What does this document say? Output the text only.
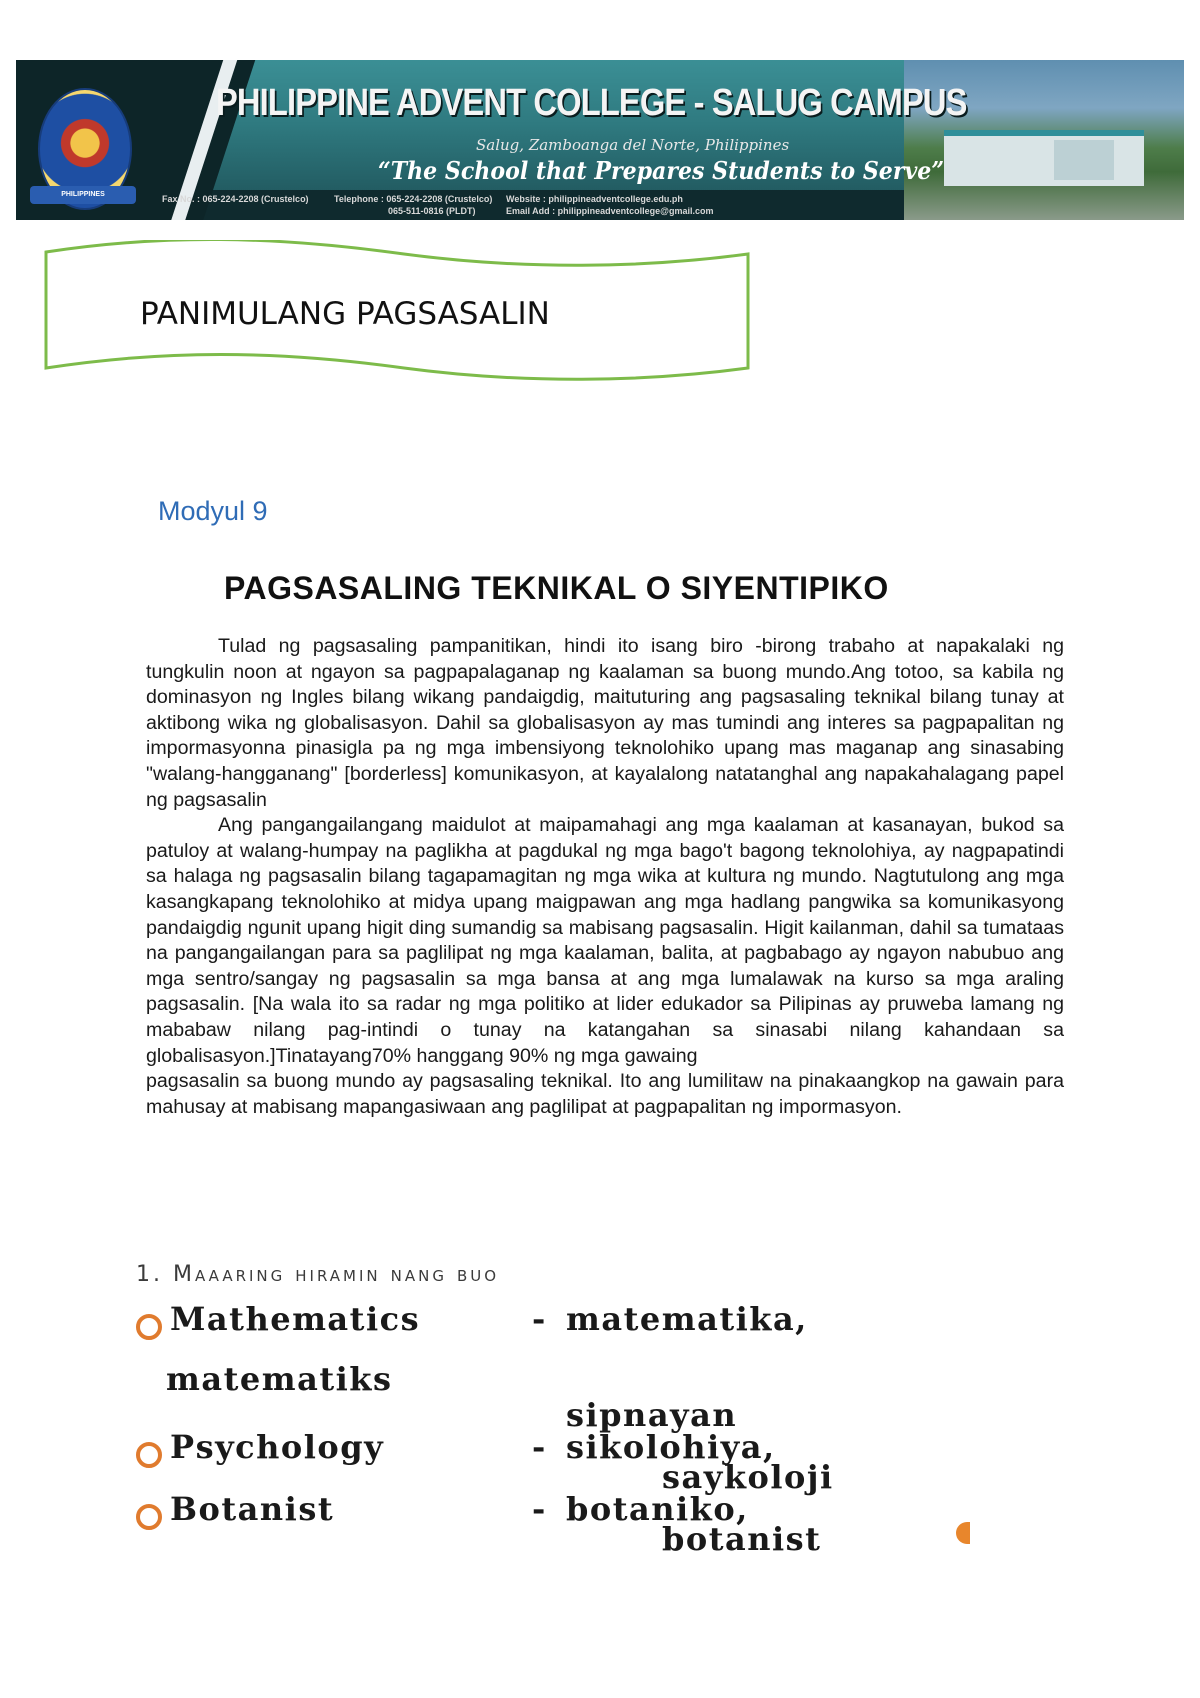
PHILIPPINE ADVENT COLLEGE - SALUG CAMPUS
Salug, Zamboanga del Norte, Philippines
“The School that Prepares Students to Serve”
Fax No. : 065-224-2208 (Crustelco)	Telephone : 065-224-2208 (Crustelco)
065-511-0816 (PLDT)
Website : philippineadventcollege.edu.ph
Email Add : philippineadventcollege@gmail.com
PHILIPPINES
PANIMULANG PAGSASALIN
Modyul 9
PAGSASALING TEKNIKAL O SIYENTIPIKO

Tulad ng pagsasaling pampanitikan, hindi ito isang biro -birong trabaho at napakalaki ng tungkulin noon at ngayon sa pagpapalaganap ng kaalaman sa buong mundo.Ang totoo, sa kabila ng dominasyon ng Ingles bilang wikang pandaigdig, maituturing ang pagsasaling teknikal bilang tunay at aktibong wika ng globalisasyon. Dahil sa globalisasyon ay mas tumindi ang interes sa pagpapalitan ng impormasyonna pinasigla pa ng mga imbensiyong teknolohiko upang mas maganap ang sinasabing "walang-hangganang" [borderless] komunikasyon, at kayalalong natatanghal ang napakahalagang papel ng pagsasalin

Ang pangangailangang maidulot at maipamahagi ang mga kaalaman at kasanayan, bukod sa patuloy at walang-humpay na paglikha at pagdukal ng mga bago't bagong teknolohiya, ay nagpapatindi sa halaga ng pagsasalin bilang tagapamagitan ng mga wika at kultura ng mundo. Nagtutulong ang mga kasangkapang teknolohiko at midya upang maigpawan ang mga hadlang pangwika sa komunikasyong pandaigdig ngunit upang higit ding sumandig sa mabisang pagsasalin. Higit kailanman, dahil sa tumataas na pangangailangan para sa paglilipat ng mga kaalaman, balita, at pagbabago ay ngayon nabubuo ang mga sentro/sangay ng pagsasalin sa mga bansa at ang mga lumalawak na kurso sa mga araling pagsasalin. [Na wala ito sa radar ng mga politiko at lider edukador sa Pilipinas ay pruweba lamang ng mababaw nilang pag-intindi o tunay na katangahan sa sinasabi nilang kahandaan sa globalisasyon.]Tinatayang70% hanggang 90% ng mga gawaing

pagsasalin sa buong mundo ay pagsasaling teknikal. Ito ang lumilitaw na pinakaangkop na gawain para mahusay at mabisang mapangasiwaan ang paglilipat at pagpapalitan ng impormasyon.

1. Maaaring hiramin nang buo
Mathematics	- matematika,
matematiks
sipnayan
Psychology	- sikolohiya,
saykoloji
Botanist	- botaniko,
botanist
